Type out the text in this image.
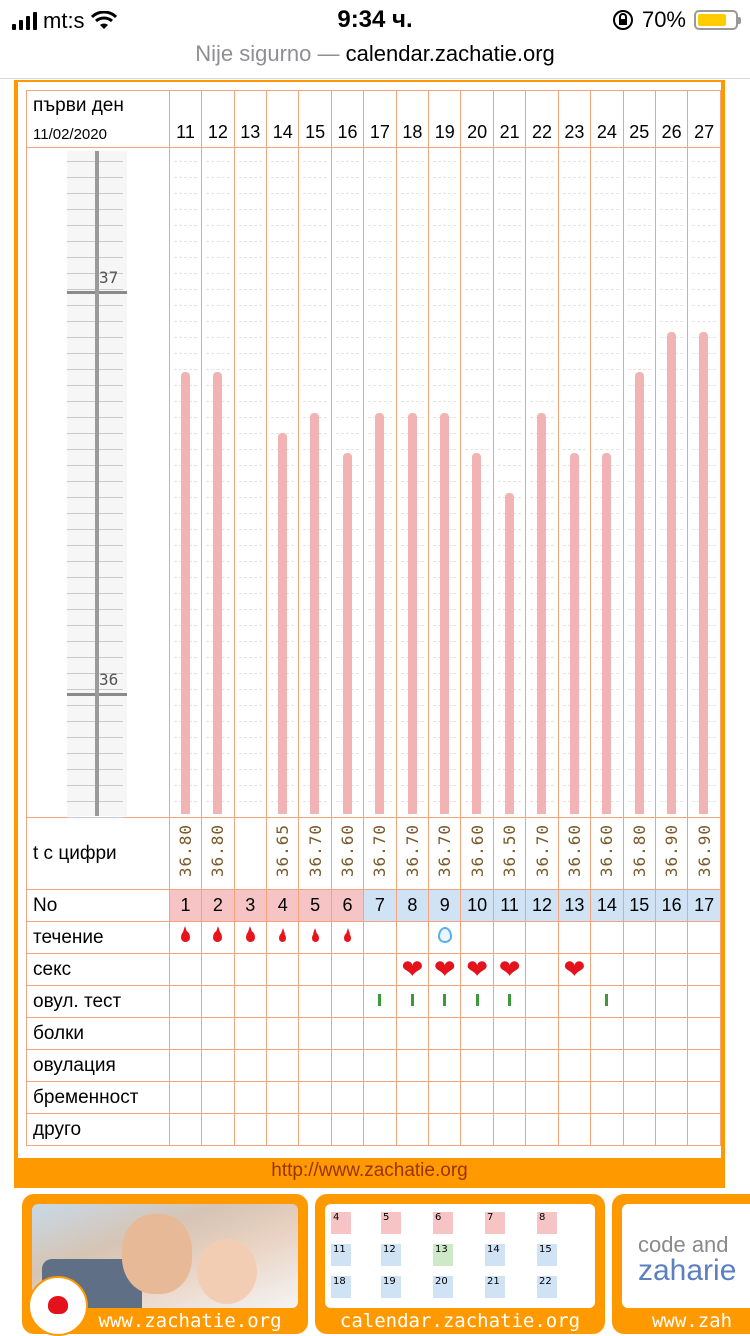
mt:s	9:34 ч.	70%
Nije sigurno — calendar.zachatie.org
първи ден
11/02/2020	11	12	13	14	15	16	17	18	19	20	21	22	23	24	25	26	27

37
36																	

t с цифри	36.80	36.80		36.65	36.70	36.60	36.70	36.70	36.70	36.60	36.50	36.70	36.60	36.60	36.80	36.90	36.90
No	1	2	3	4	5	6	7	8	9	10	11	12	13	14	15	16	17
течение																	
секс								❤	❤	❤	❤		❤				
овул. тест																	
болки																	
овулация																	
бременност																	
друго																	
http://www.zachatie.org
www.zachatie.org
4	5	6	7	8
11	12	13	14	15
18	19	20	21	22
calendar.zachatie.org
code and
zaharie
www.zah
